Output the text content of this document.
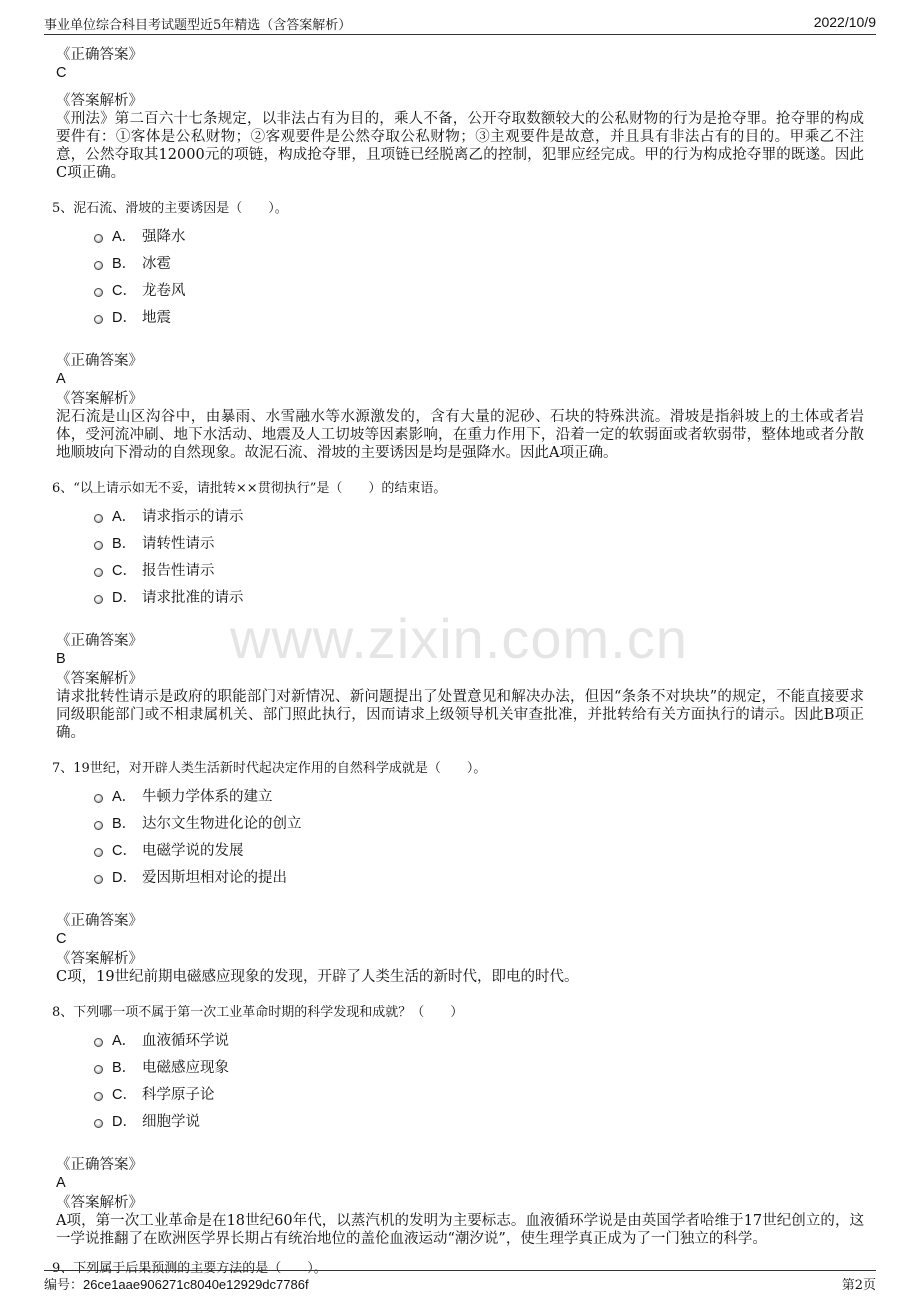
事业单位综合科目考试题型近5年精选（含答案解析）	2022/10/9
www.zixin.com.cn
《正确答案》
C
《答案解析》
《刑法》第二百六十七条规定，以非法占有为目的，乘人不备，公开夺取数额较大的公私财物的行为是抢夺罪。抢夺罪的构成要件有：①客体是公私财物；②客观要件是公然夺取公私财物；③主观要件是故意，并且具有非法占有的目的。甲乘乙不注意，公然夺取其12000元的项链，构成抢夺罪，且项链已经脱离乙的控制，犯罪应经完成。甲的行为构成抢夺罪的既遂。因此C项正确。
5、泥石流、滑坡的主要诱因是（　　）。
A． 强降水
B． 冰雹
C． 龙卷风
D． 地震
《正确答案》
A
《答案解析》
泥石流是山区沟谷中，由暴雨、水雪融水等水源激发的，含有大量的泥砂、石块的特殊洪流。滑坡是指斜坡上的土体或者岩体，受河流冲刷、地下水活动、地震及人工切坡等因素影响，在重力作用下，沿着一定的软弱面或者软弱带，整体地或者分散地顺坡向下滑动的自然现象。故泥石流、滑坡的主要诱因是均是强降水。因此A项正确。
6、“以上请示如无不妥，请批转××贯彻执行”是（　　）的结束语。
A． 请求指示的请示
B． 请转性请示
C． 报告性请示
D． 请求批准的请示
《正确答案》
B
《答案解析》
请求批转性请示是政府的职能部门对新情况、新问题提出了处置意见和解决办法，但因“条条不对块块”的规定，不能直接要求同级职能部门或不相隶属机关、部门照此执行，因而请求上级领导机关审查批准，并批转给有关方面执行的请示。因此B项正确。
7、19世纪，对开辟人类生活新时代起决定作用的自然科学成就是（　　）。
A． 牛顿力学体系的建立
B． 达尔文生物进化论的创立
C． 电磁学说的发展
D． 爱因斯坦相对论的提出
《正确答案》
C
《答案解析》
C项，19世纪前期电磁感应现象的发现，开辟了人类生活的新时代，即电的时代。
8、下列哪一项不属于第一次工业革命时期的科学发现和成就？（　　）
A． 血液循环学说
B． 电磁感应现象
C． 科学原子论
D． 细胞学说
《正确答案》
A
《答案解析》
A项，第一次工业革命是在18世纪60年代，以蒸汽机的发明为主要标志。血液循环学说是由英国学者哈维于17世纪创立的，这一学说推翻了在欧洲医学界长期占有统治地位的盖伦血液运动“潮汐说”，使生理学真正成为了一门独立的科学。
9、下列属于后果预测的主要方法的是（　　）。
编号：26ce1aae906271c8040e12929dc7786f	第2页
